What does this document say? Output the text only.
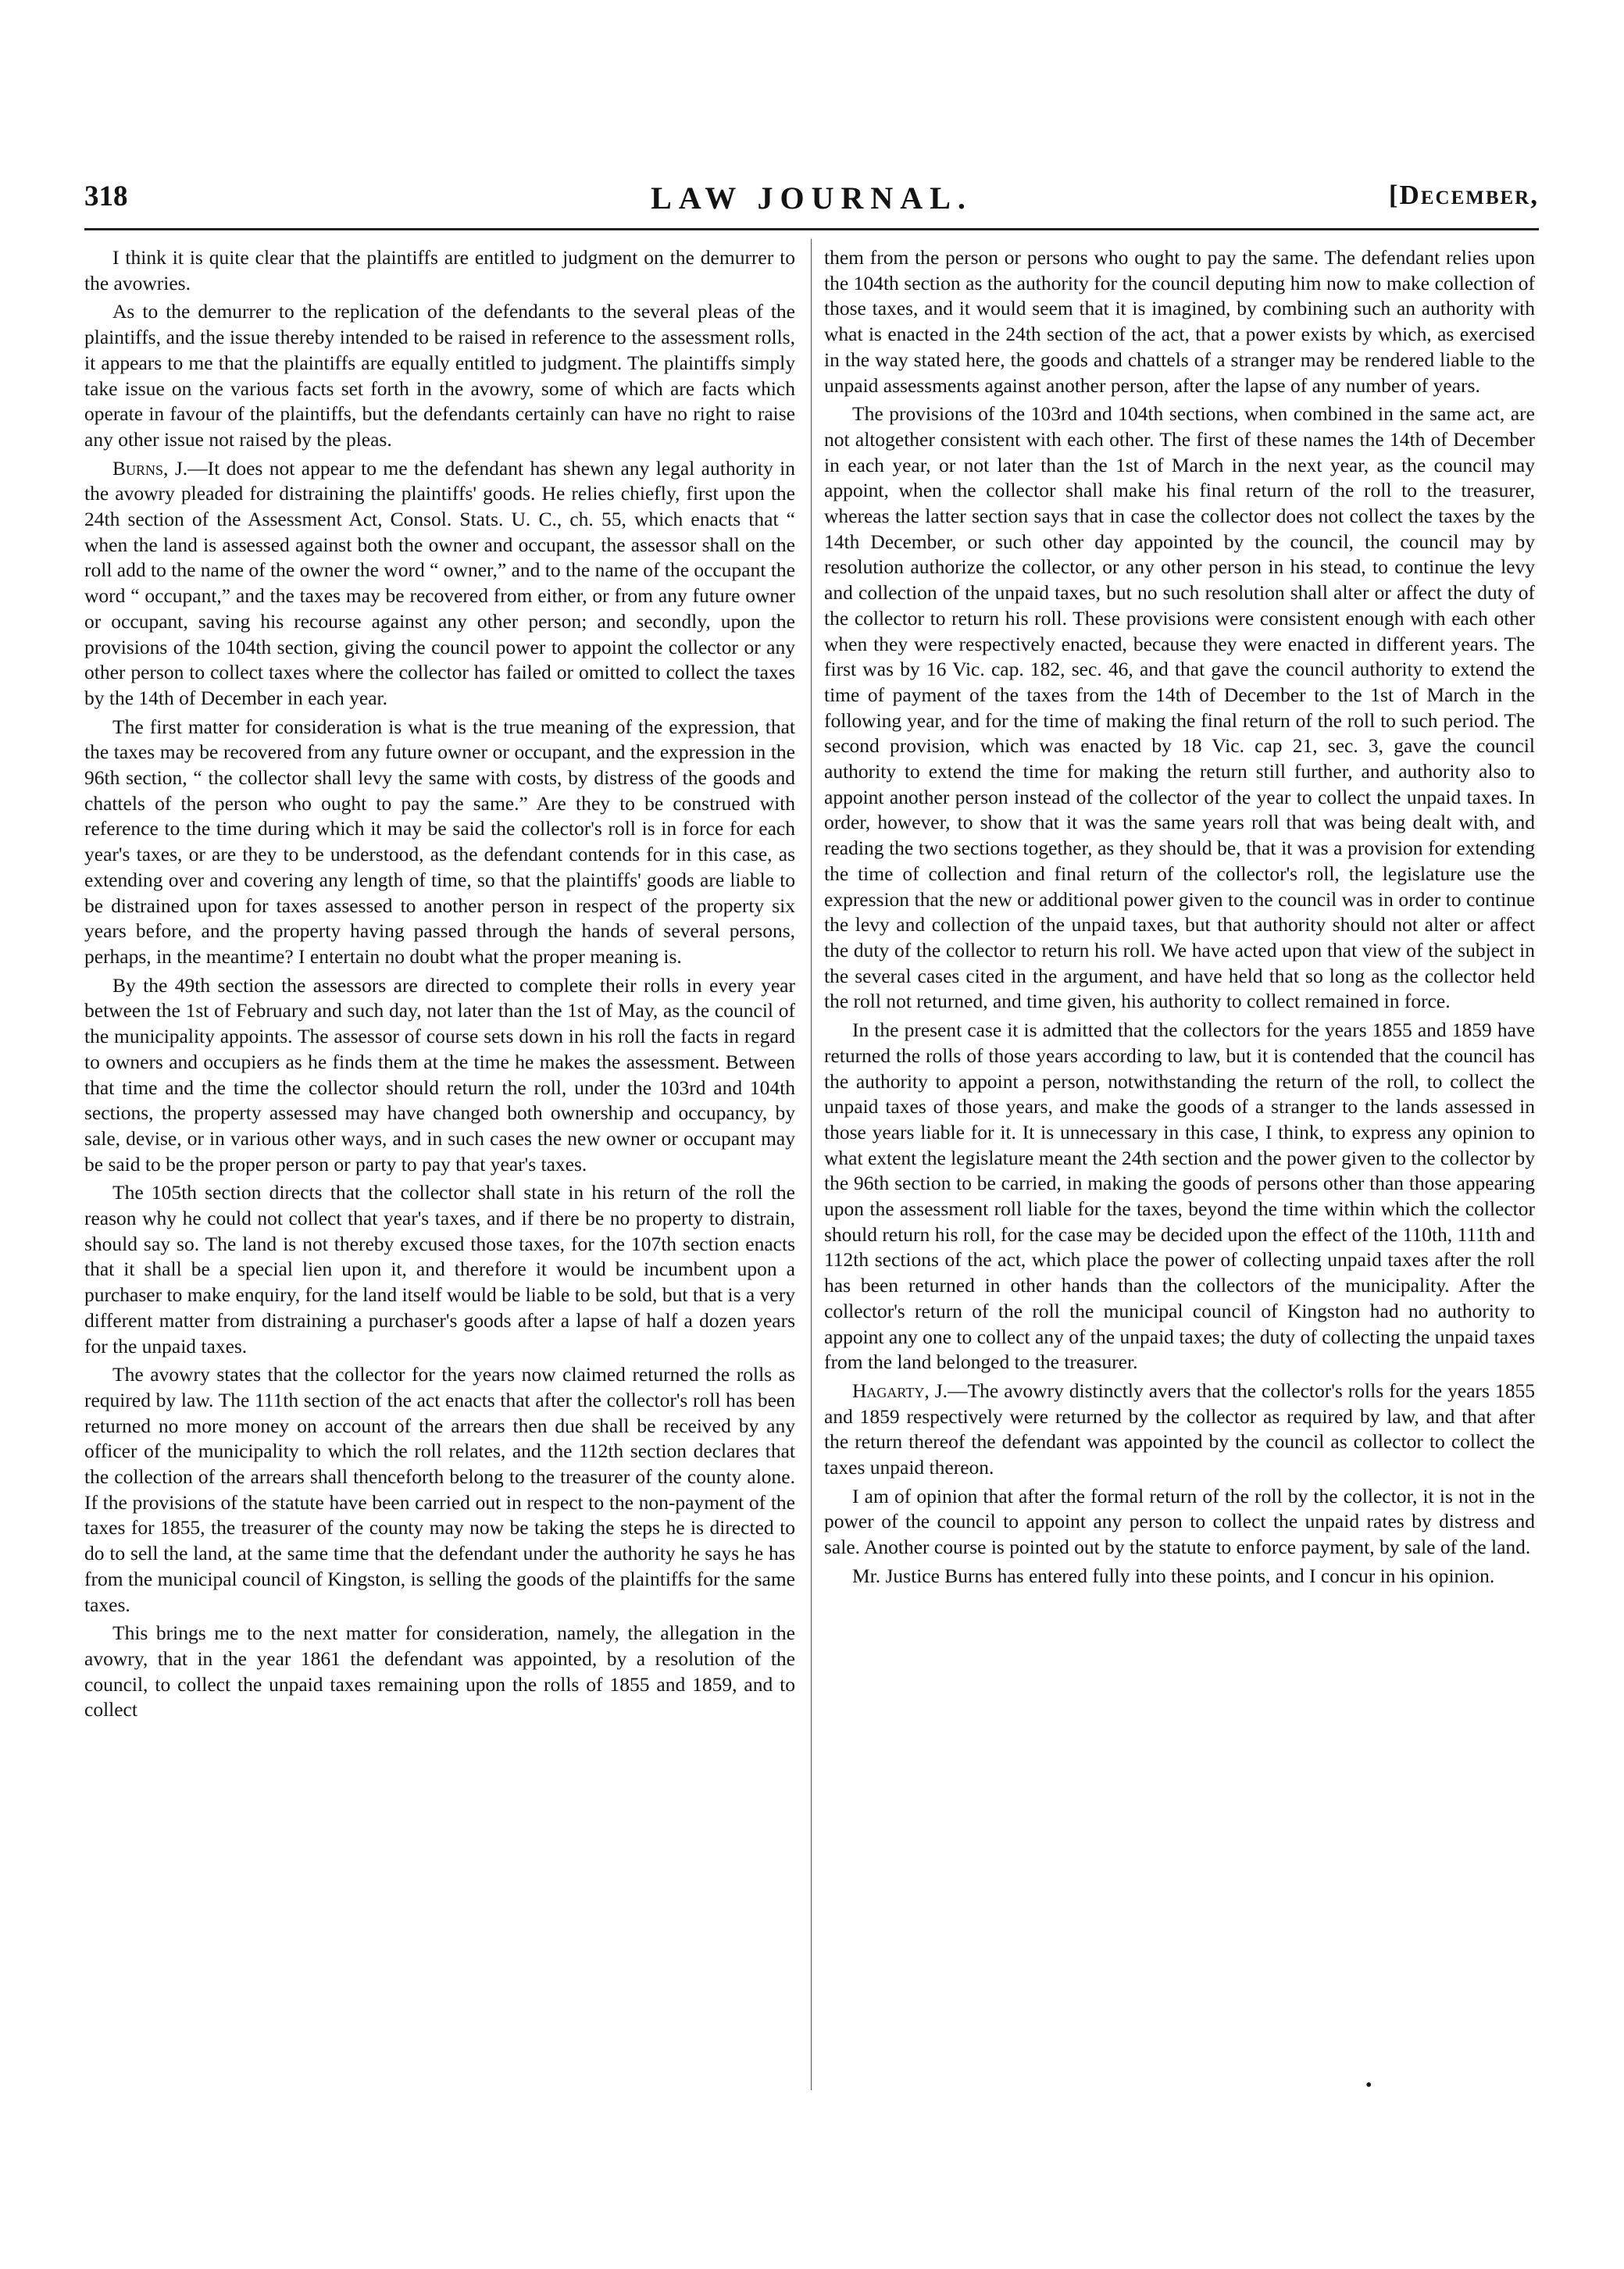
LAW JOURNAL.
318	[December,

I think it is quite clear that the plaintiffs are entitled to judgment on the demurrer to the avowries.

As to the demurrer to the replication of the defendants to the several pleas of the plaintiffs, and the issue thereby intended to be raised in reference to the assessment rolls, it appears to me that the plaintiffs are equally entitled to judgment. The plaintiffs simply take issue on the various facts set forth in the avowry, some of which are facts which operate in favour of the plaintiffs, but the defendants certainly can have no right to raise any other issue not raised by the pleas.

Burns, J.—It does not appear to me the defendant has shewn any legal authority in the avowry pleaded for distraining the plaintiffs' goods. He relies chiefly, first upon the 24th section of the Assessment Act, Consol. Stats. U. C., ch. 55, which enacts that “ when the land is assessed against both the owner and occupant, the assessor shall on the roll add to the name of the owner the word “ owner,” and to the name of the occupant the word “ occupant,” and the taxes may be recovered from either, or from any future owner or occupant, saving his recourse against any other person; and secondly, upon the provisions of the 104th section, giving the council power to appoint the collector or any other person to collect taxes where the collector has failed or omitted to collect the taxes by the 14th of December in each year.

The first matter for consideration is what is the true meaning of the expression, that the taxes may be recovered from any future owner or occupant, and the expression in the 96th section, “ the collector shall levy the same with costs, by distress of the goods and chattels of the person who ought to pay the same.” Are they to be construed with reference to the time during which it may be said the collector's roll is in force for each year's taxes, or are they to be understood, as the defendant contends for in this case, as extending over and covering any length of time, so that the plaintiffs' goods are liable to be distrained upon for taxes assessed to another person in respect of the property six years before, and the property having passed through the hands of several persons, perhaps, in the meantime? I entertain no doubt what the proper meaning is.

By the 49th section the assessors are directed to complete their rolls in every year between the 1st of February and such day, not later than the 1st of May, as the council of the municipality appoints. The assessor of course sets down in his roll the facts in regard to owners and occupiers as he finds them at the time he makes the assessment. Between that time and the time the collector should return the roll, under the 103rd and 104th sections, the property assessed may have changed both ownership and occupancy, by sale, devise, or in various other ways, and in such cases the new owner or occupant may be said to be the proper person or party to pay that year's taxes.

The 105th section directs that the collector shall state in his return of the roll the reason why he could not collect that year's taxes, and if there be no property to distrain, should say so. The land is not thereby excused those taxes, for the 107th section enacts that it shall be a special lien upon it, and therefore it would be incumbent upon a purchaser to make enquiry, for the land itself would be liable to be sold, but that is a very different matter from distraining a purchaser's goods after a lapse of half a dozen years for the unpaid taxes.

The avowry states that the collector for the years now claimed returned the rolls as required by law. The 111th section of the act enacts that after the collector's roll has been returned no more money on account of the arrears then due shall be received by any officer of the municipality to which the roll relates, and the 112th section declares that the collection of the arrears shall thenceforth belong to the treasurer of the county alone. If the provisions of the statute have been carried out in respect to the non-payment of the taxes for 1855, the treasurer of the county may now be taking the steps he is directed to do to sell the land, at the same time that the defendant under the authority he says he has from the municipal council of Kingston, is selling the goods of the plaintiffs for the same taxes.

This brings me to the next matter for consideration, namely, the allegation in the avowry, that in the year 1861 the defendant was appointed, by a resolution of the council, to collect the unpaid taxes remaining upon the rolls of 1855 and 1859, and to collect

them from the person or persons who ought to pay the same. The defendant relies upon the 104th section as the authority for the council deputing him now to make collection of those taxes, and it would seem that it is imagined, by combining such an authority with what is enacted in the 24th section of the act, that a power exists by which, as exercised in the way stated here, the goods and chattels of a stranger may be rendered liable to the unpaid assessments against another person, after the lapse of any number of years.

The provisions of the 103rd and 104th sections, when combined in the same act, are not altogether consistent with each other. The first of these names the 14th of December in each year, or not later than the 1st of March in the next year, as the council may appoint, when the collector shall make his final return of the roll to the treasurer, whereas the latter section says that in case the collector does not collect the taxes by the 14th December, or such other day appointed by the council, the council may by resolution authorize the collector, or any other person in his stead, to continue the levy and collection of the unpaid taxes, but no such resolution shall alter or affect the duty of the collector to return his roll. These provisions were consistent enough with each other when they were respectively enacted, because they were enacted in different years. The first was by 16 Vic. cap. 182, sec. 46, and that gave the council authority to extend the time of payment of the taxes from the 14th of December to the 1st of March in the following year, and for the time of making the final return of the roll to such period. The second provision, which was enacted by 18 Vic. cap 21, sec. 3, gave the council authority to extend the time for making the return still further, and authority also to appoint another person instead of the collector of the year to collect the unpaid taxes. In order, however, to show that it was the same years roll that was being dealt with, and reading the two sections together, as they should be, that it was a provision for extending the time of collection and final return of the collector's roll, the legislature use the expression that the new or additional power given to the council was in order to continue the levy and collection of the unpaid taxes, but that authority should not alter or affect the duty of the collector to return his roll. We have acted upon that view of the subject in the several cases cited in the argument, and have held that so long as the collector held the roll not returned, and time given, his authority to collect remained in force.

In the present case it is admitted that the collectors for the years 1855 and 1859 have returned the rolls of those years according to law, but it is contended that the council has the authority to appoint a person, notwithstanding the return of the roll, to collect the unpaid taxes of those years, and make the goods of a stranger to the lands assessed in those years liable for it. It is unnecessary in this case, I think, to express any opinion to what extent the legislature meant the 24th section and the power given to the collector by the 96th section to be carried, in making the goods of persons other than those appearing upon the assessment roll liable for the taxes, beyond the time within which the collector should return his roll, for the case may be decided upon the effect of the 110th, 111th and 112th sections of the act, which place the power of collecting unpaid taxes after the roll has been returned in other hands than the collectors of the municipality. After the collector's return of the roll the municipal council of Kingston had no authority to appoint any one to collect any of the unpaid taxes; the duty of collecting the unpaid taxes from the land belonged to the treasurer.

Hagarty, J.—The avowry distinctly avers that the collector's rolls for the years 1855 and 1859 respectively were returned by the collector as required by law, and that after the return thereof the defendant was appointed by the council as collector to collect the taxes unpaid thereon.

I am of opinion that after the formal return of the roll by the collector, it is not in the power of the council to appoint any person to collect the unpaid rates by distress and sale. Another course is pointed out by the statute to enforce payment, by sale of the land.

Mr. Justice Burns has entered fully into these points, and I concur in his opinion.

•
